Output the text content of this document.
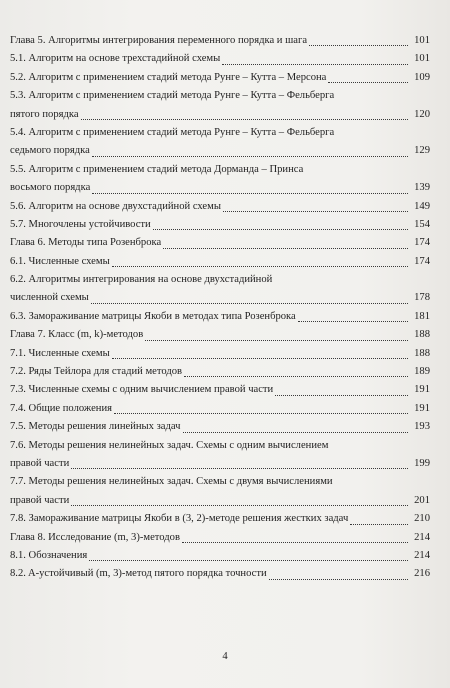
Глава 5. Алгоритмы интегрирования переменного порядка и шага	101
5.1. Алгоритм на основе трехстадийной схемы	101
5.2. Алгоритм с применением стадий метода Рунге – Кутта – Мерсона	109
5.3. Алгоритм с применением стадий метода Рунге – Кутта – Фельберга
пятого порядка	120
5.4. Алгоритм с применением стадий метода Рунге – Кутта – Фельберга
седьмого порядка	129
5.5. Алгоритм с применением стадий метода Дорманда – Принса
восьмого порядка	139
5.6. Алгоритм на основе двухстадийной схемы	149
5.7. Многочлены устойчивости	154
Глава 6. Методы типа Розенброка	174
6.1. Численные схемы	174
6.2. Алгоритмы интегрирования на основе двухстадийной
численной схемы	178
6.3. Замораживание матрицы Якоби в методах типа Розенброка	181
Глава 7. Класс (m, k)-методов	188
7.1. Численные схемы	188
7.2. Ряды Тейлора для стадий методов	189
7.3. Численные схемы с одним вычислением правой части	191
7.4. Общие положения	191
7.5. Методы решения линейных задач	193
7.6. Методы решения нелинейных задач. Схемы с одним вычислением
правой части	199
7.7. Методы решения нелинейных задач. Схемы с двумя вычислениями
правой части	201
7.8. Замораживание матрицы Якоби в (3, 2)-методе решения жестких задач	210
Глава 8. Исследование (m, 3)-методов	214
8.1. Обозначения	214
8.2. A-устойчивый (m, 3)-метод пятого порядка точности	216
4
